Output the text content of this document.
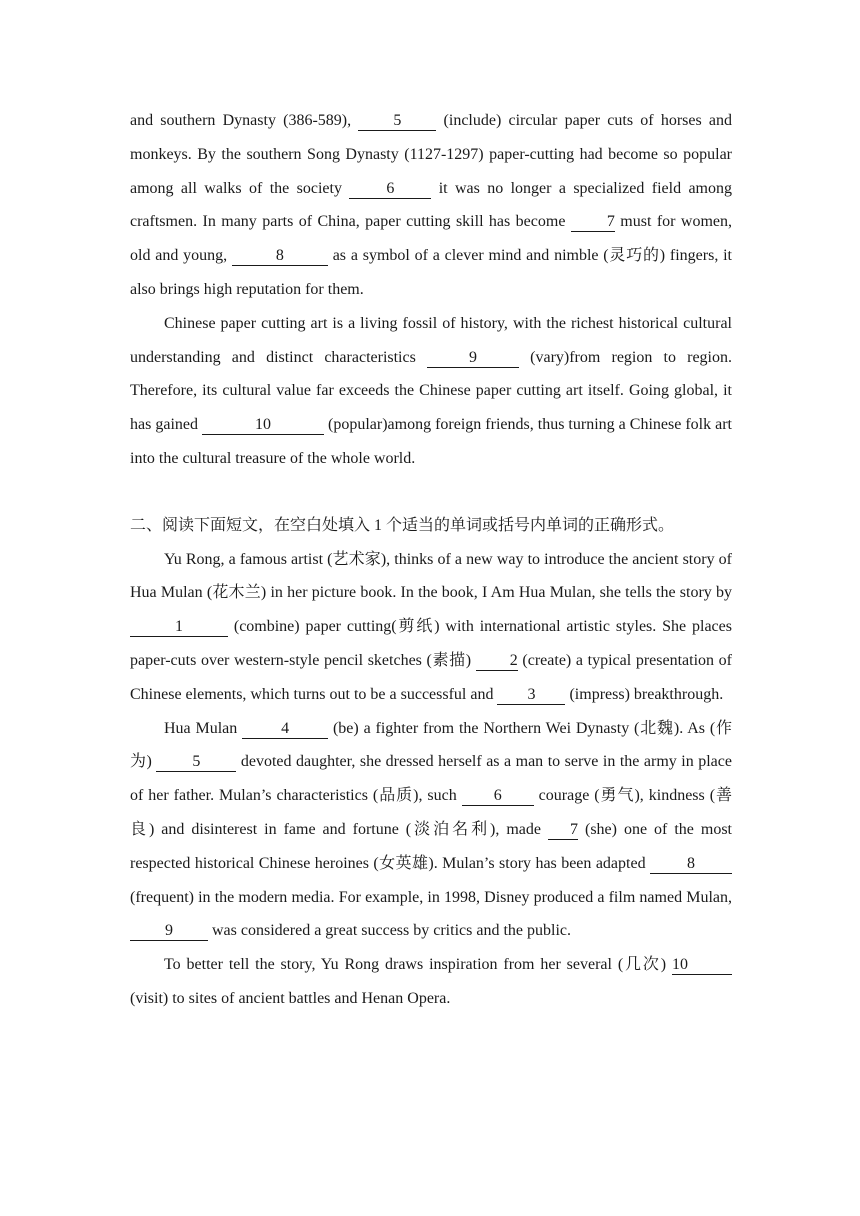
and southern Dynasty (386-589), 5 (include) circular paper cuts of horses and monkeys. By the southern Song Dynasty (1127-1297) paper-cutting had become so popular among all walks of the society 6 it was no longer a specialized field among craftsmen. In many parts of China, paper cutting skill has become 7 must for women, old and young,	8	as a symbol of a clever mind and nimble (灵巧的) fingers, it also brings high reputation for them.

Chinese paper cutting art is a living fossil of history, with the richest historical cultural understanding and distinct characteristics	9	(vary)from region to region. Therefore, its cultural value far exceeds the Chinese paper cutting art itself. Going global, it has gained	10	(popular)among foreign friends, thus turning a Chinese folk art into the cultural treasure of the whole world.

二、阅读下面短文，在空白处填入 1 个适当的单词或括号内单词的正确形式。

Yu Rong, a famous artist (艺术家), thinks of a new way to introduce the ancient story of Hua Mulan (花木兰) in her picture book. In the book, I Am Hua Mulan, she tells the story by 1	(combine) paper cutting(剪纸) with international artistic styles. She places paper-cuts over western-style pencil sketches (素描) 2 (create) a typical presentation of Chinese elements, which turns out to be a successful and 3 (impress) breakthrough.

Hua Mulan 4 (be) a fighter from the Northern Wei Dynasty (北魏). As (作为) 5 devoted daughter, she dressed herself as a man to serve in the army in place of her father. Mulan’s characteristics (品质), such 6 courage (勇气), kindness (善良) and disinterest in fame and fortune (淡泊名利), made 7 (she) one of the most respected historical Chinese heroines (女英雄). Mulan’s story has been adapted 8 (frequent) in the modern media. For example, in 1998, Disney produced a film named Mulan, 9 was considered a great success by critics and the public.

To better tell the story, Yu Rong draws inspiration from her several (几次) 10 (visit) to sites of ancient battles and Henan Opera.
